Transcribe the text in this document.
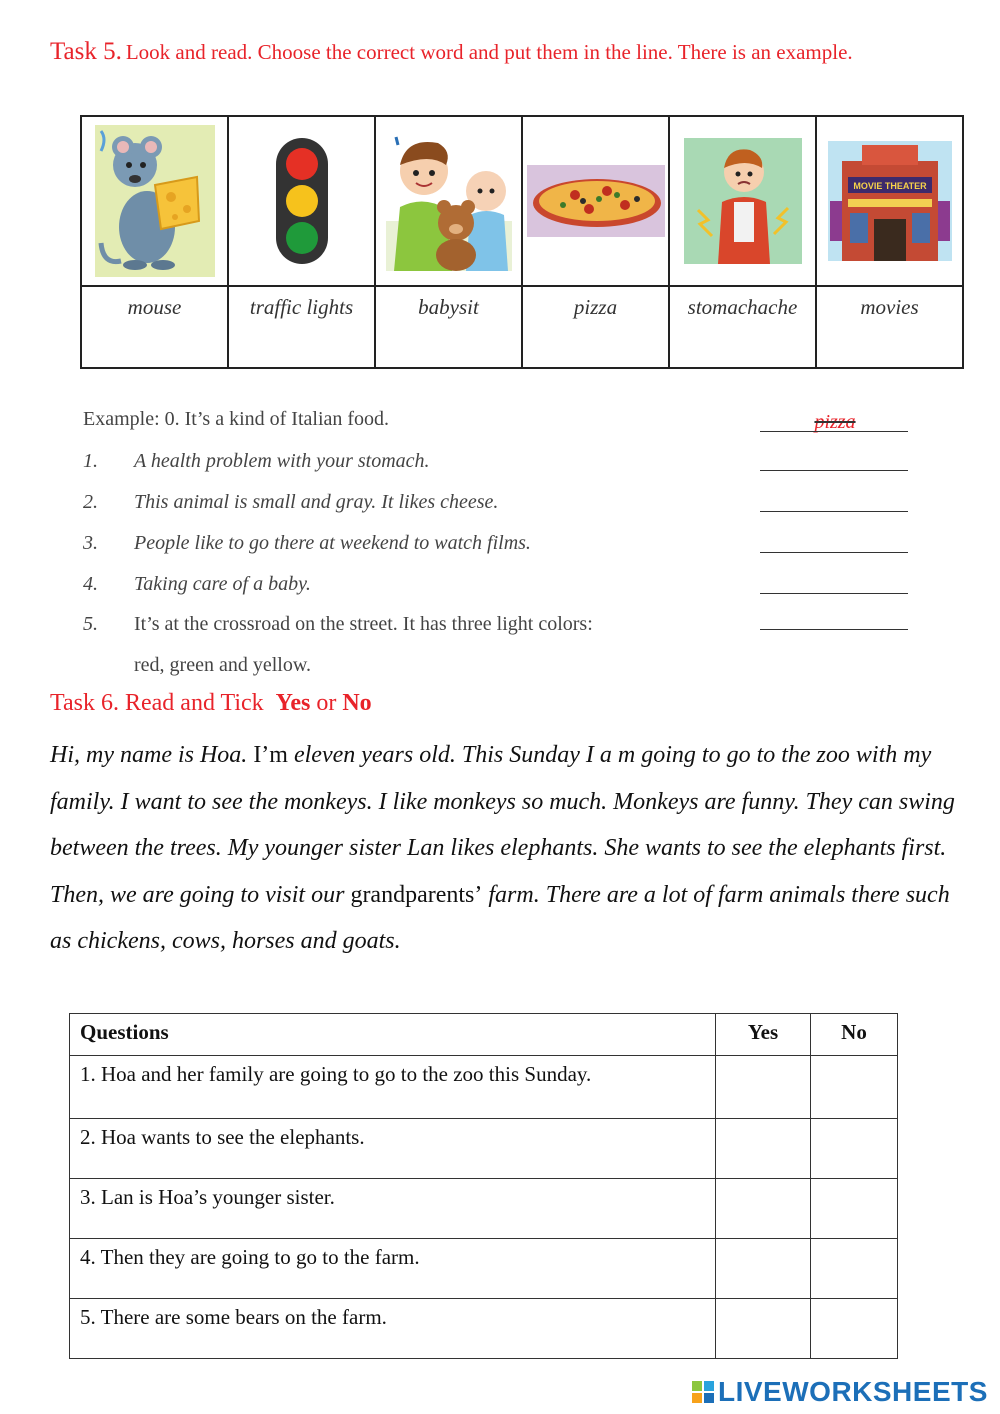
Task 5. Look and read. Choose the correct word and put them in the line. There is an example.

MOVIE THEATER

mouse	traffic lights	babysit	pizza	stomachache	movies
Example: 0. It’s a kind of Italian food.	pizza
1. A health problem with your stomach.
2. This animal is small and gray. It likes cheese.
3. People like to go there at weekend to watch films.
4. Taking care of a baby.
5. It’s at the crossroad on the street. It has three light colors:
red, green and yellow.
Task 6. Read and Tick Yes or No
Hi, my name is Hoa. I’m eleven years old. This Sunday I a m going to go to the zoo with my family. I want to see the monkeys. I like monkeys so much. Monkeys are funny. They can swing between the trees. My younger sister Lan likes elephants. She wants to see the elephants first. Then, we are going to visit our grandparents’ farm. There are a lot of farm animals there such as chickens, cows, horses and goats.
Questions	Yes	No
1. Hoa and her family are going to go to the zoo this Sunday.		
2. Hoa wants to see the elephants.		
3. Lan is Hoa’s younger sister.		
4. Then they are going to go to the farm.		
5. There are some bears on the farm.		
LIVEWORKSHEETS
